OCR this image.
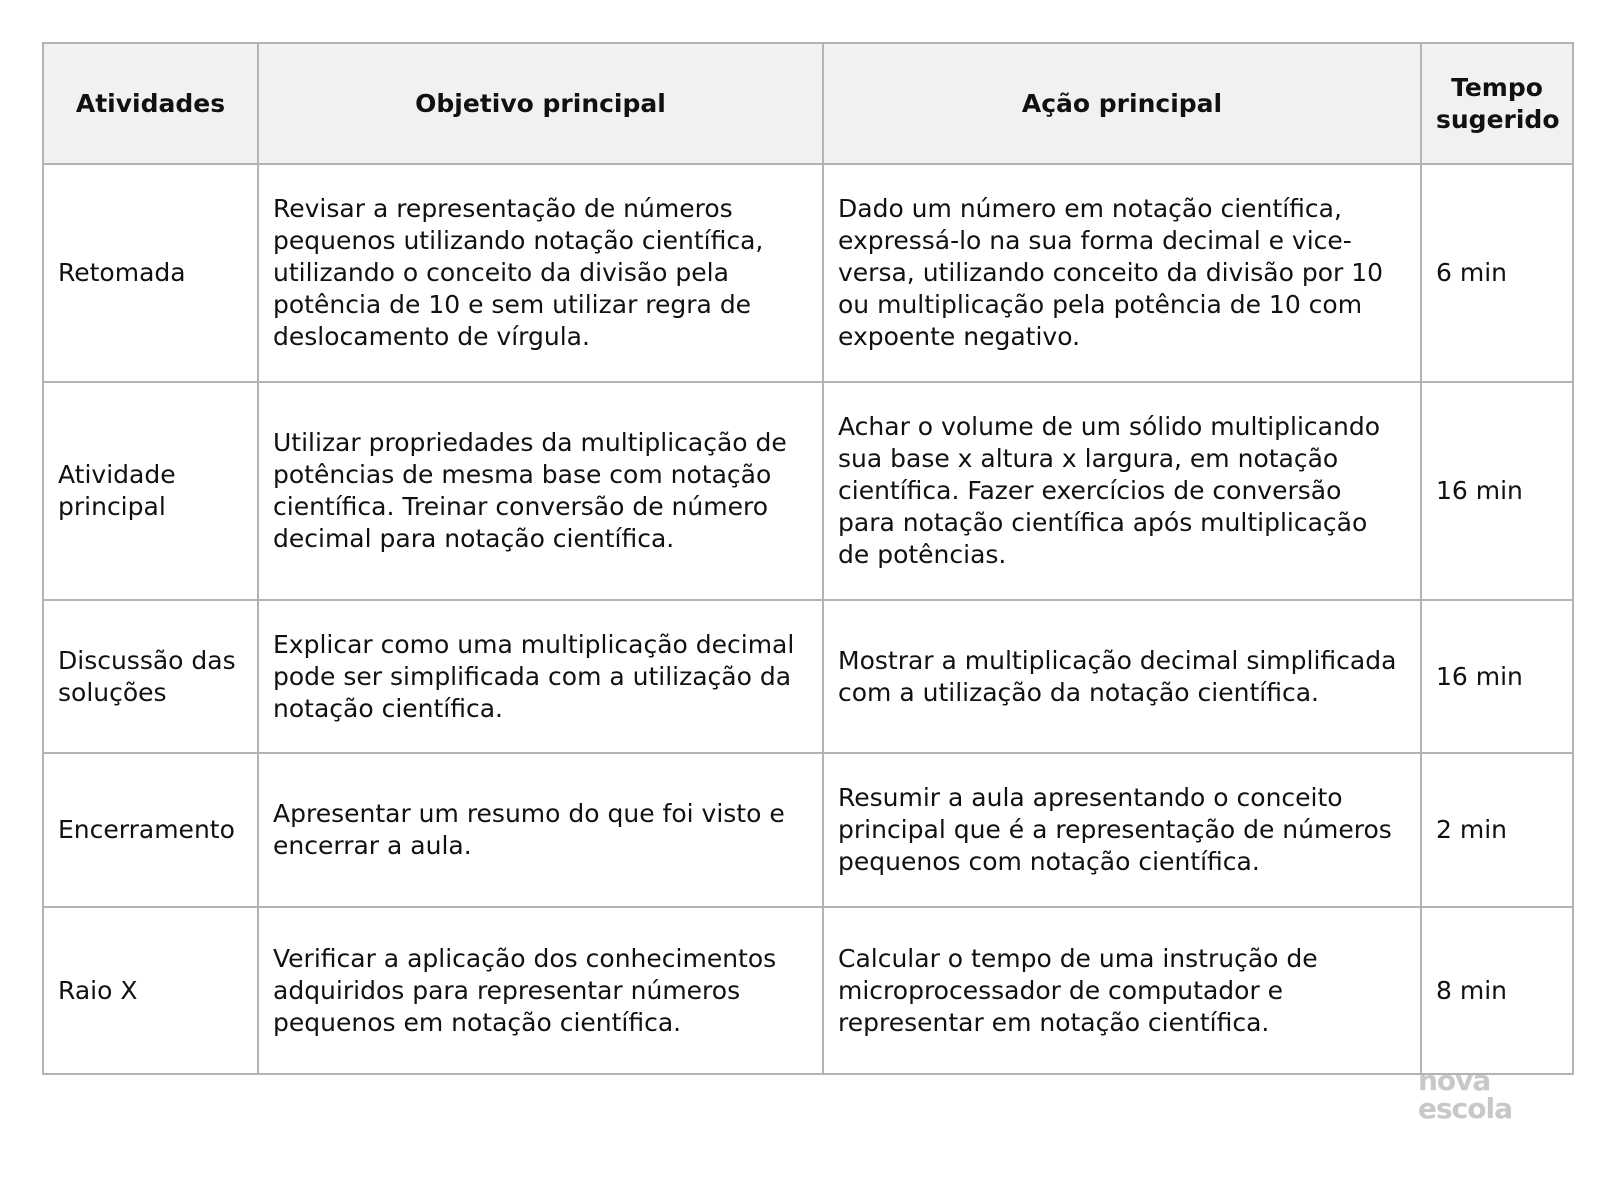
Atividades	Objetivo principal	Ação principal	Tempo sugerido
Retomada	Revisar a representação de números pequenos utilizando notação científica, utilizando o conceito da divisão pela potência de 10 e sem utilizar regra de deslocamento de vírgula.	Dado um número em notação científica, expressá-lo na sua forma decimal e vice-versa, utilizando conceito da divisão por 10 ou multiplicação pela potência de 10 com expoente negativo.	6 min
Atividade principal	Utilizar propriedades da multiplicação de potências de mesma base com notação científica. Treinar conversão de número decimal para notação científica.	Achar o volume de um sólido multiplicando sua base x altura x largura, em notação científica. Fazer exercícios de conversão para notação científica após multiplicação de potências.	16 min
Discussão das soluções	Explicar como uma multiplicação decimal pode ser simplificada com a utilização da notação científica.	Mostrar a multiplicação decimal simplificada com a utilização da notação científica.	16 min
Encerramento	Apresentar um resumo do que foi visto e encerrar a aula.	Resumir a aula apresentando o conceito principal que é a representação de números pequenos com notação científica.	2 min
Raio X	Verificar a aplicação dos conhecimentos adquiridos para representar números pequenos em notação científica.	Calcular o tempo de uma instrução de microprocessador de computador e representar em notação científica.	8 min
nova
escola
